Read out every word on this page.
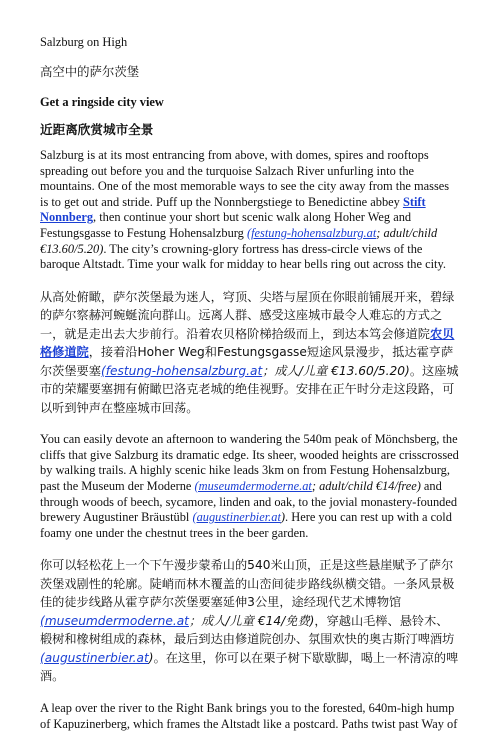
Salzburg on High

高空中的萨尔茨堡

Get a ringside city view

近距离欣赏城市全景

Salzburg is at its most entrancing from above, with domes, spires and rooftops spreading out before you and the turquoise Salzach River unfurling into the mountains. One of the most memorable ways to see the city away from the masses is to get out and stride. Puff up the Nonnbergstiege to Benedictine abbey Stift Nonnberg, then continue your short but scenic walk along Hoher Weg and Festungsgasse to Festung Hohensalzburg (festung-hohensalzburg.at; adult/child €13.60/5.20). The city’s crowning-glory fortress has dress-circle views of the baroque Altstadt. Time your walk for midday to hear bells ring out across the city.

从高处俯瞰，萨尔茨堡最为迷人，穹顶、尖塔与屋顶在你眼前铺展开来，碧绿的萨尔察赫河蜿蜒流向群山。远离人群、感受这座城市最令人难忘的方式之一，就是走出去大步前行。沿着农贝格阶梯拾级而上，到达本笃会修道院农贝格修道院，接着沿Hoher Weg和Festungsgasse短途风景漫步，抵达霍亨萨尔茨堡要塞(festung-hohensalzburg.at；成人/儿童 €13.60/5.20)。这座城市的荣耀要塞拥有俯瞰巴洛克老城的绝佳视野。安排在正午时分走这段路，可以听到钟声在整座城市回荡。

You can easily devote an afternoon to wandering the 540m peak of Mönchsberg, the cliffs that give Salzburg its dramatic edge. Its sheer, wooded heights are crisscrossed by walking trails. A highly scenic hike leads 3km on from Festung Hohensalzburg, past the Museum der Moderne (museumdermoderne.at; adult/child €14/free) and through woods of beech, sycamore, linden and oak, to the jovial monastery-founded brewery Augustiner Bräustübl (augustinerbier.at). Here you can rest up with a cold foamy one under the chestnut trees in the beer garden.

你可以轻松花上一个下午漫步蒙希山的540米山顶，正是这些悬崖赋予了萨尔茨堡戏剧性的轮廓。陡峭而林木覆盖的山峦间徒步路线纵横交错。一条风景极佳的徒步线路从霍亨萨尔茨堡要塞延伸3公里，途经现代艺术博物馆(museumdermoderne.at；成人/儿童 €14/免费)，穿越山毛榉、悬铃木、椴树和橡树组成的森林，最后到达由修道院创办、氛围欢快的奥古斯汀啤酒坊(augustinerbier.at)。在这里，你可以在栗子树下歇歇脚，喝上一杯清凉的啤酒。

A leap over the river to the Right Bank brings you to the forested, 640m-high hump of Kapuzinerberg, which frames the Altstadt like a postcard. Paths twist past Way of
